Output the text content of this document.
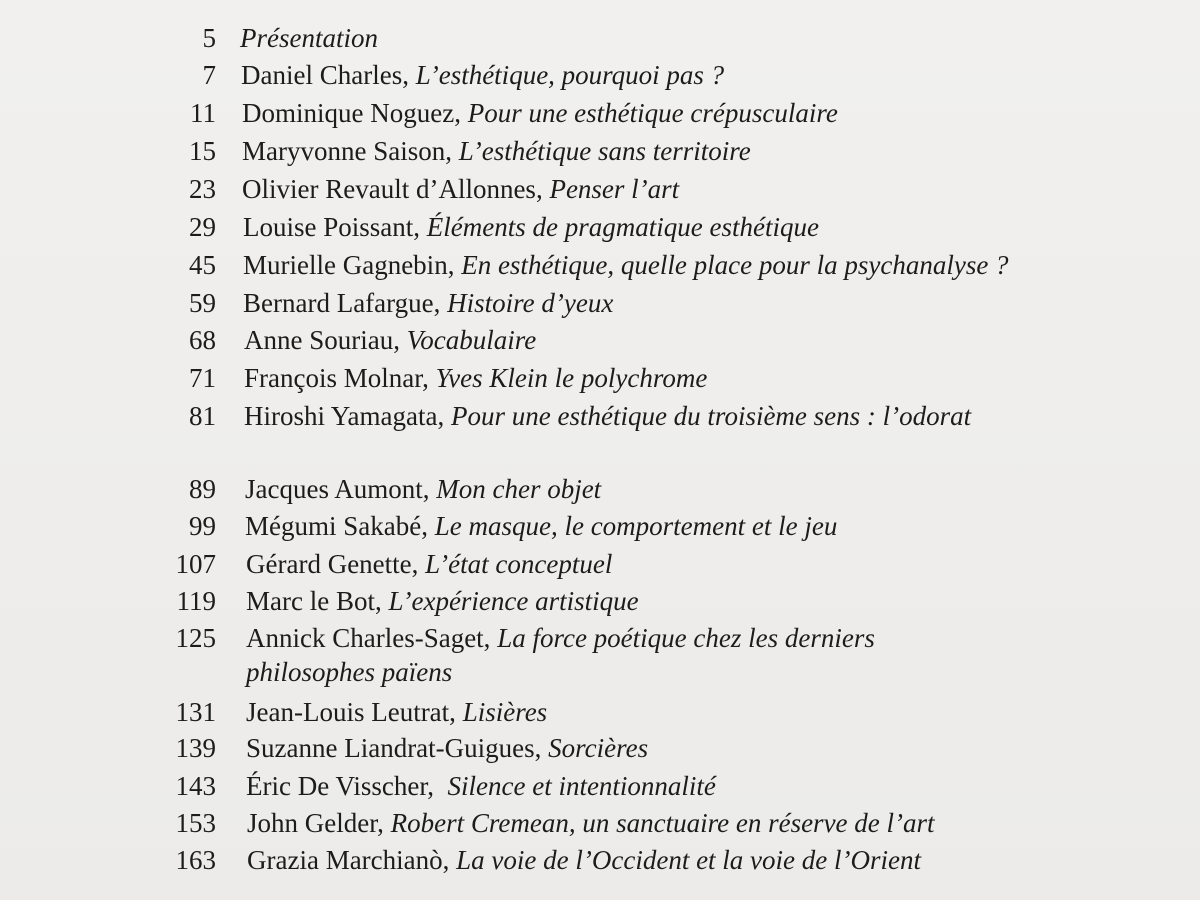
5 Présentation
7 Daniel Charles, L’esthétique, pourquoi pas ?
11 Dominique Noguez, Pour une esthétique crépusculaire
15 Maryvonne Saison, L’esthétique sans territoire
23 Olivier Revault d’Allonnes, Penser l’art
29 Louise Poissant, Éléments de pragmatique esthétique
45 Murielle Gagnebin, En esthétique, quelle place pour la psychanalyse ?
59 Bernard Lafargue, Histoire d’yeux
68 Anne Souriau, Vocabulaire
71 François Molnar, Yves Klein le polychrome
81 Hiroshi Yamagata, Pour une esthétique du troisième sens : l’odorat
89 Jacques Aumont, Mon cher objet
99 Mégumi Sakabé, Le masque, le comportement et le jeu
107 Gérard Genette, L’état conceptuel
119 Marc le Bot, L’expérience artistique
125 Annick Charles-Saget, La force poétique chez les derniers
philosophes païens
131 Jean-Louis Leutrat, Lisières
139 Suzanne Liandrat-Guigues, Sorcières
143 Éric De Visscher,  Silence et intentionnalité
153 John Gelder, Robert Cremean, un sanctuaire en réserve de l’art
163 Grazia Marchianò, La voie de l’Occident et la voie de l’Orient
